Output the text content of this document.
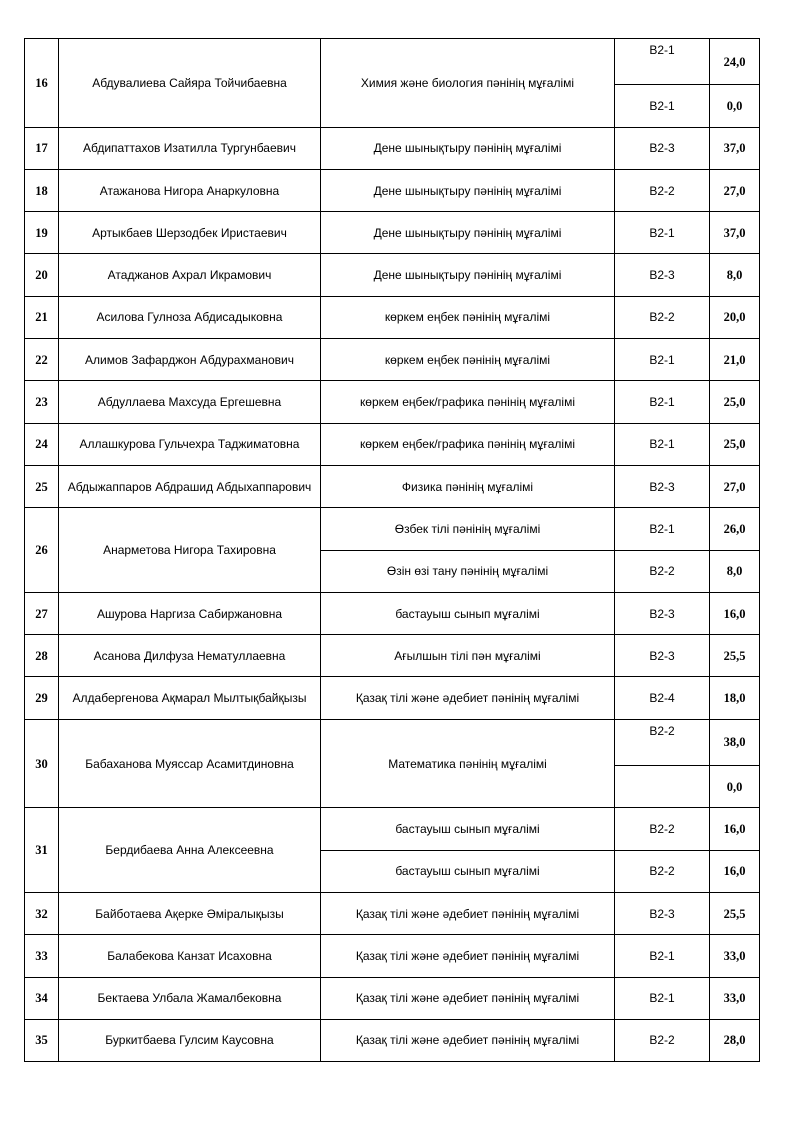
16	Абдувалиева Сайяра Тойчибаевна	Химия және биология пәнінің мұғалімі	B2-1	24,0
			B2-1	0,0
17	Абдипаттахов Изатилла Тургунбаевич	Дене шынықтыру пәнінің мұғалімі	B2-3	37,0
18	Атажанова Нигора Анаркуловна	Дене шынықтыру пәнінің мұғалімі	B2-2	27,0
19	Артыкбаев Шерзодбек Иристаевич	Дене шынықтыру пәнінің мұғалімі	B2-1	37,0
20	Атаджанов Ахрал Икрамович	Дене шынықтыру пәнінің мұғалімі	B2-3	8,0
21	Асилова Гулноза Абдисадыковна	көркем еңбек пәнінің мұғалімі	B2-2	20,0
22	Алимов Зафарджон Абдурахманович	көркем еңбек пәнінің мұғалімі	B2-1	21,0
23	Абдуллаева Махсуда Ергешевна	көркем еңбек/графика пәнінің мұғалімі	B2-1	25,0
24	Аллашкурова Гульчехра Таджиматовна	көркем еңбек/графика пәнінің мұғалімі	B2-1	25,0
25	Абдыжаппаров Абдрашид Абдыхаппарович	Физика пәнінің мұғалімі	B2-3	27,0
26	Анарметова Нигора Тахировна	Өзбек тілі пәнінің мұғалімі	B2-1	26,0
		Өзін өзі тану пәнінің мұғалімі	B2-2	8,0
27	Ашурова Наргиза Сабиржановна	бастауыш сынып мұғалімі	B2-3	16,0
28	Асанова Дилфуза Нематуллаевна	Ағылшын тілі пән мұғалімі	B2-3	25,5
29	Алдабергенова Ақмарал Мылтықбайқызы	Қазақ тілі және әдебиет пәнінің мұғалімі	B2-4	18,0
30	Бабаханова Муяссар Асамитдиновна	Математика пәнінің мұғалімі	B2-2	38,0
				0,0
31	Бердибаева Анна Алексеевна	бастауыш сынып мұғалімі	B2-2	16,0
		бастауыш сынып мұғалімі	B2-2	16,0
32	Байботаева Ақерке Әміралықызы	Қазақ тілі және әдебиет пәнінің мұғалімі	B2-3	25,5
33	Балабекова Канзат Исаховна	Қазақ тілі және әдебиет пәнінің мұғалімі	B2-1	33,0
34	Бектаева Улбала Жамалбековна	Қазақ тілі және әдебиет пәнінің мұғалімі	B2-1	33,0
35	Буркитбаева Гулсим Каусовна	Қазақ тілі және әдебиет пәнінің мұғалімі	B2-2	28,0
